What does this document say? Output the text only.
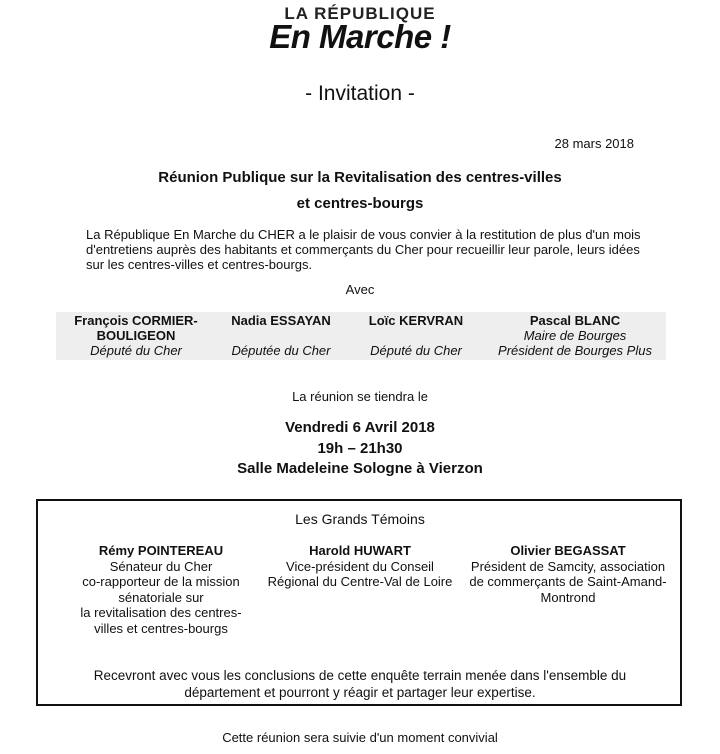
LA RÉPUBLIQUE
En Marche !
- Invitation -
28 mars 2018
Réunion Publique sur la Revitalisation des centres-villes
et centres-bourgs
La République En Marche du CHER a le plaisir de vous convier à la restitution de plus d'un mois d'entretiens auprès des habitants et commerçants du Cher pour recueillir leur parole, leurs idées sur les centres-villes et centres-bourgs.
Avec
François CORMIER-BOULIGEON
Député du Cher
Nadia ESSAYAN
Députée du Cher
Loïc KERVRAN
Député du Cher
Pascal BLANC
Maire de Bourges
Président de Bourges Plus
La réunion se tiendra le
Vendredi 6 Avril 2018
19h – 21h30
Salle Madeleine Sologne à Vierzon
Les Grands Témoins
Rémy POINTEREAU
Sénateur du Cher
co-rapporteur de la mission sénatoriale sur
la revitalisation des centres-villes et centres-bourgs
Harold HUWART
Vice-président du Conseil Régional du Centre-Val de Loire
Olivier BEGASSAT
Président de Samcity, association de commerçants de Saint-Amand-Montrond
Recevront avec vous les conclusions de cette enquête terrain menée dans l'ensemble du département et pourront y réagir et partager leur expertise.
Cette réunion sera suivie d'un moment convivial
